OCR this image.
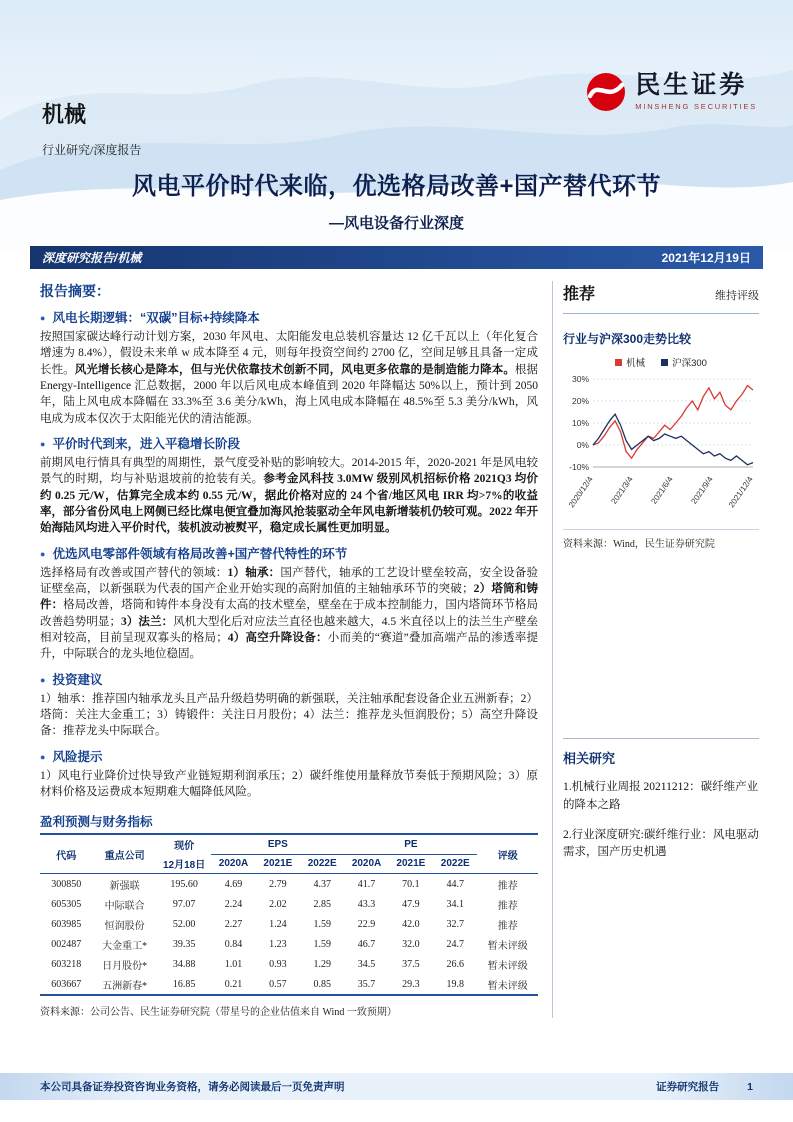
民生证券
MINSHENG SECURITIES
机械
行业研究/深度报告
风电平价时代来临，优选格局改善+国产替代环节
—风电设备行业深度
深度研究报告/机械	2021年12月19日
报告摘要：
● 风电长期逻辑：“双碳”目标+持续降本
按照国家碳达峰行动计划方案，2030 年风电、太阳能发电总装机容量达 12 亿千瓦以上（年化复合增速为 8.4%），假设未来单 w 成本降至 4 元，则每年投资空间约 2700 亿，空间足够且具备一定成长性。风光增长核心是降本，但与光伏依靠技术创新不同，风电更多依靠的是制造能力降本。根据 Energy-Intelligence 汇总数据，2000 年以后风电成本峰值到 2020 年降幅达 50%以上，预计到 2050 年，陆上风电成本降幅在 33.3%至 3.6 美分/kWh，海上风电成本降幅在 48.5%至 5.3 美分/kWh，风电成为成本仅次于太阳能光伏的清洁能源。
● 平价时代到来，进入平稳增长阶段
前期风电行情具有典型的周期性，景气度受补贴的影响较大。2014-2015 年，2020-2021 年是风电较景气的时期，均与补贴退坡前的抢装有关。参考金风科技 3.0MW 级别风机招标价格 2021Q3 均价约 0.25 元/W，估算完全成本约 0.55 元/W，据此价格对应的 24 个省/地区风电 IRR 均>7%的收益率，部分省份风电上网侧已经比煤电便宜叠加海风抢装驱动全年风电新增装机仍较可观。2022 年开始海陆风均进入平价时代，装机波动被熨平，稳定成长属性更加明显。
● 优选风电零部件领域有格局改善+国产替代特性的环节
选择格局有改善或国产替代的领域：1）轴承：国产替代，轴承的工艺设计壁垒较高，安全设备验证壁垒高，以新强联为代表的国产企业开始实现的高附加值的主轴轴承环节的突破；2）塔筒和铸件：格局改善，塔筒和铸件本身没有太高的技术壁垒，壁垒在于成本控制能力，国内塔筒环节格局改善趋势明显；3）法兰：风机大型化后对应法兰直径也越来越大，4.5 米直径以上的法兰生产壁垒相对较高，目前呈现双寡头的格局；4）高空升降设备：小而美的“赛道”叠加高端产品的渗透率提升，中际联合的龙头地位稳固。
● 投资建议
1）轴承：推荐国内轴承龙头且产品升级趋势明确的新强联，关注轴承配套设备企业五洲新春；2）塔筒：关注大金重工；3）铸锻件：关注日月股份；4）法兰：推荐龙头恒润股份；5）高空升降设备：推荐龙头中际联合。
● 风险提示
1）风电行业降价过快导致产业链短期利润承压；2）碳纤维使用量释放节奏低于预期风险；3）原材料价格及运费成本短期难大幅降低风险。
盈利预测与财务指标
代码	重点公司	现价	EPS			PE			评级
		12月18日	2020A	2021E	2022E	2020A	2021E	2022E	
300850	新强联	195.60	4.69	2.79	4.37	41.7	70.1	44.7	推荐
605305	中际联合	97.07	2.24	2.02	2.85	43.3	47.9	34.1	推荐
603985	恒润股份	52.00	2.27	1.24	1.59	22.9	42.0	32.7	推荐
002487	大金重工*	39.35	0.84	1.23	1.59	46.7	32.0	24.7	暂未评级
603218	日月股份*	34.88	1.01	0.93	1.29	34.5	37.5	26.6	暂未评级
603667	五洲新春*	16.85	0.21	0.57	0.85	35.7	29.3	19.8	暂未评级
资料来源：公司公告、民生证券研究院（带星号的企业估值来自 Wind 一致预期）
推荐	维持评级
行业与沪深300走势比较
机械	沪深300
30%
20%
10%
0%
-10%
2020/12/4 2021/3/4 2021/6/4 2021/9/4 2021/12/4
资料来源：Wind，民生证券研究院
相关研究
1.机械行业周报 20211212：碳纤维产业的降本之路
2.行业深度研究:碳纤维行业：风电驱动需求，国产历史机遇
本公司具备证券投资咨询业务资格，请务必阅读最后一页免责声明	证券研究报告	1
